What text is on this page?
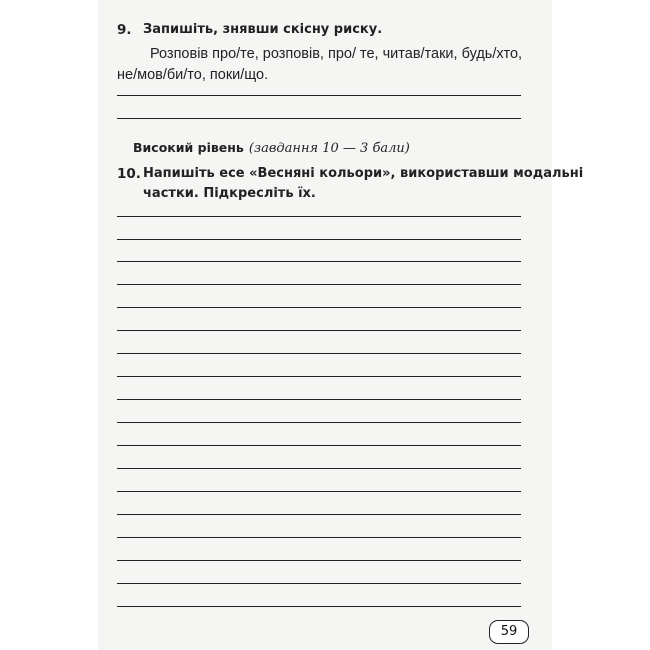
9. Запишіть, знявши скісну риску.
Розповів про/те, розповів, про/ те, читав/таки, будь/хто,
не/мов/би/то, поки/що.
Високий рівень (завдання 10 — 3 бали)
10. Напишіть есе «Весняні кольори», використавши модальні
частки. Підкресліть їх.
59
